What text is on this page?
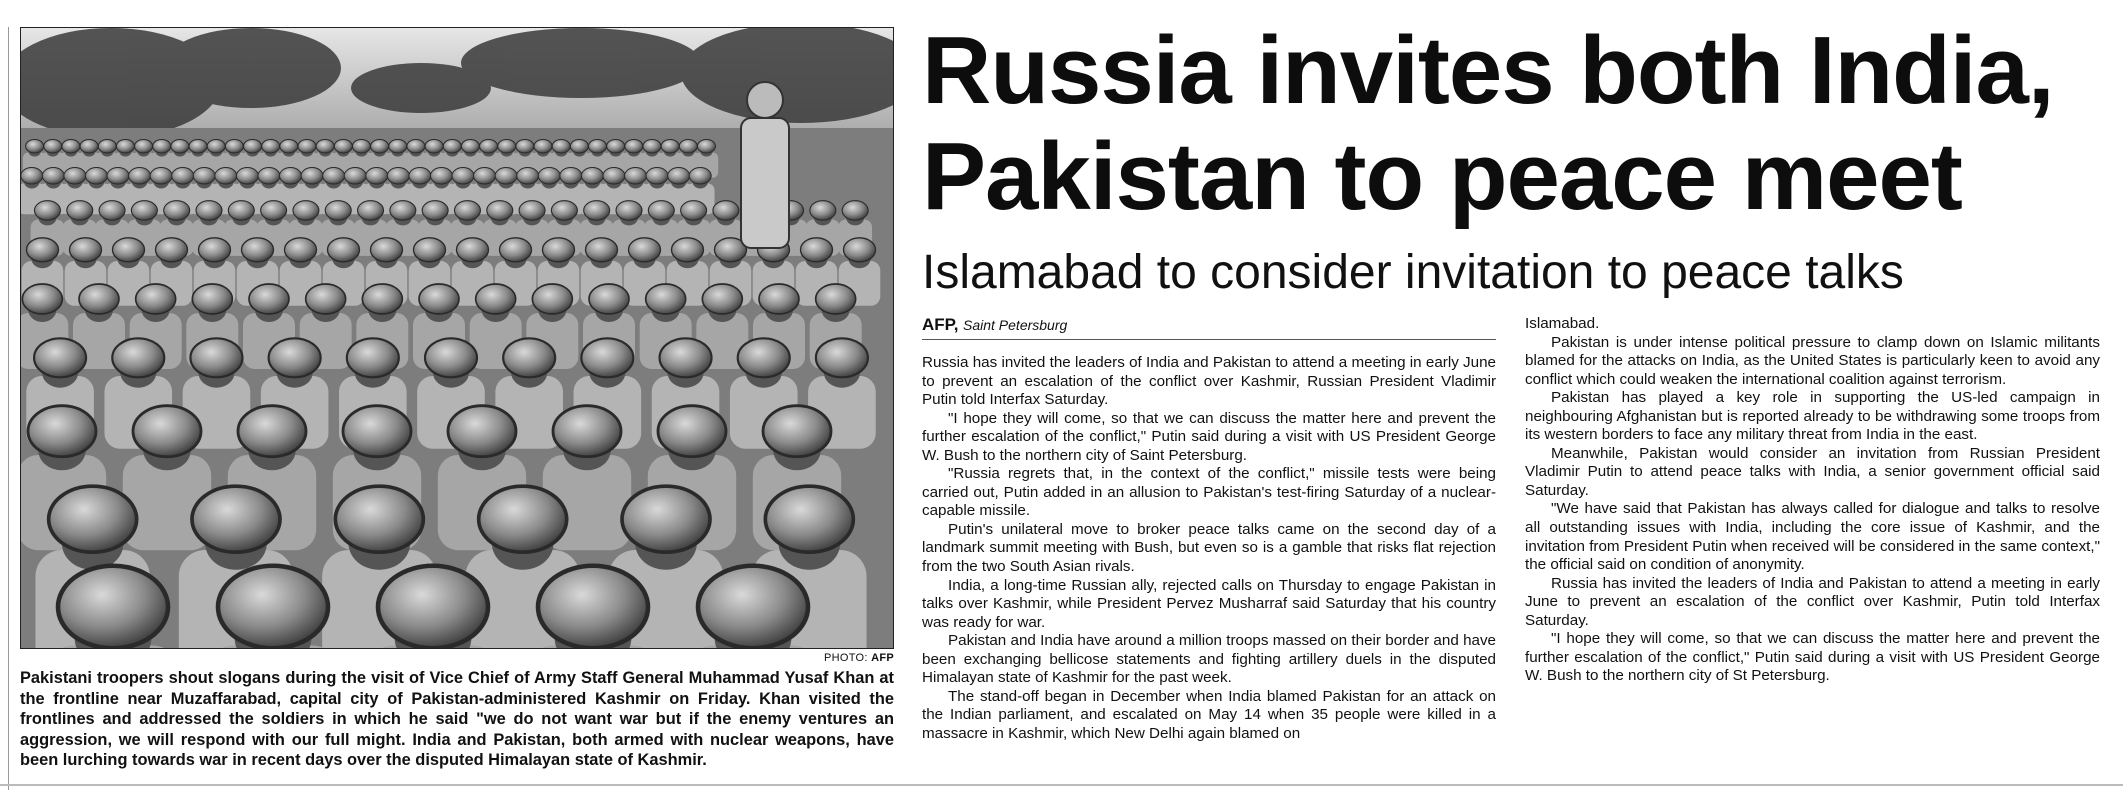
PHOTO: AFP
Pakistani troopers shout slogans during the visit of Vice Chief of Army Staff General Muhammad Yusaf Khan at the frontline near Muzaffarabad, capital city of Pakistan-administered Kashmir on Friday. Khan visited the frontlines and addressed the soldiers in which he said "we do not want war but if the enemy ventures an aggression, we will respond with our full might. India and Pakistan, both armed with nuclear weapons, have been lurching towards war in recent days over the disputed Himalayan state of Kashmir.
Russia invites both India,
Pakistan to peace meet
Islamabad to consider invitation to peace talks
AFP, Saint Petersburg

Russia has invited the leaders of India and Pakistan to attend a meeting in early June to prevent an escalation of the conflict over Kashmir, Russian President Vladimir Putin told Interfax Saturday.

"I hope they will come, so that we can discuss the matter here and prevent the further escalation of the conflict," Putin said during a visit with US President George W. Bush to the northern city of Saint Petersburg.

"Russia regrets that, in the context of the conflict," missile tests were being carried out, Putin added in an allusion to Pakistan's test-firing Saturday of a nuclear-capable missile.

Putin's unilateral move to broker peace talks came on the second day of a landmark summit meeting with Bush, but even so is a gamble that risks flat rejection from the two South Asian rivals.

India, a long-time Russian ally, rejected calls on Thursday to engage Pakistan in talks over Kashmir, while President Pervez Musharraf said Saturday that his country was ready for war.

Pakistan and India have around a million troops massed on their border and have been exchanging bellicose statements and fighting artillery duels in the disputed Himalayan state of Kashmir for the past week.

The stand-off began in December when India blamed Pakistan for an attack on the Indian parliament, and escalated on May 14 when 35 people were killed in a massacre in Kashmir, which New Delhi again blamed on

Islamabad.

Pakistan is under intense political pressure to clamp down on Islamic militants blamed for the attacks on India, as the United States is particularly keen to avoid any conflict which could weaken the international coalition against terrorism.

Pakistan has played a key role in supporting the US-led campaign in neighbouring Afghanistan but is reported already to be withdrawing some troops from its western borders to face any military threat from India in the east.

Meanwhile, Pakistan would consider an invitation from Russian President Vladimir Putin to attend peace talks with India, a senior government official said Saturday.

"We have said that Pakistan has always called for dialogue and talks to resolve all outstanding issues with India, including the core issue of Kashmir, and the invitation from President Putin when received will be considered in the same context," the official said on condition of anonymity.

Russia has invited the leaders of India and Pakistan to attend a meeting in early June to prevent an escalation of the conflict over Kashmir, Putin told Interfax Saturday.

"I hope they will come, so that we can discuss the matter here and prevent the further escalation of the conflict," Putin said during a visit with US President George W. Bush to the northern city of St Petersburg.
